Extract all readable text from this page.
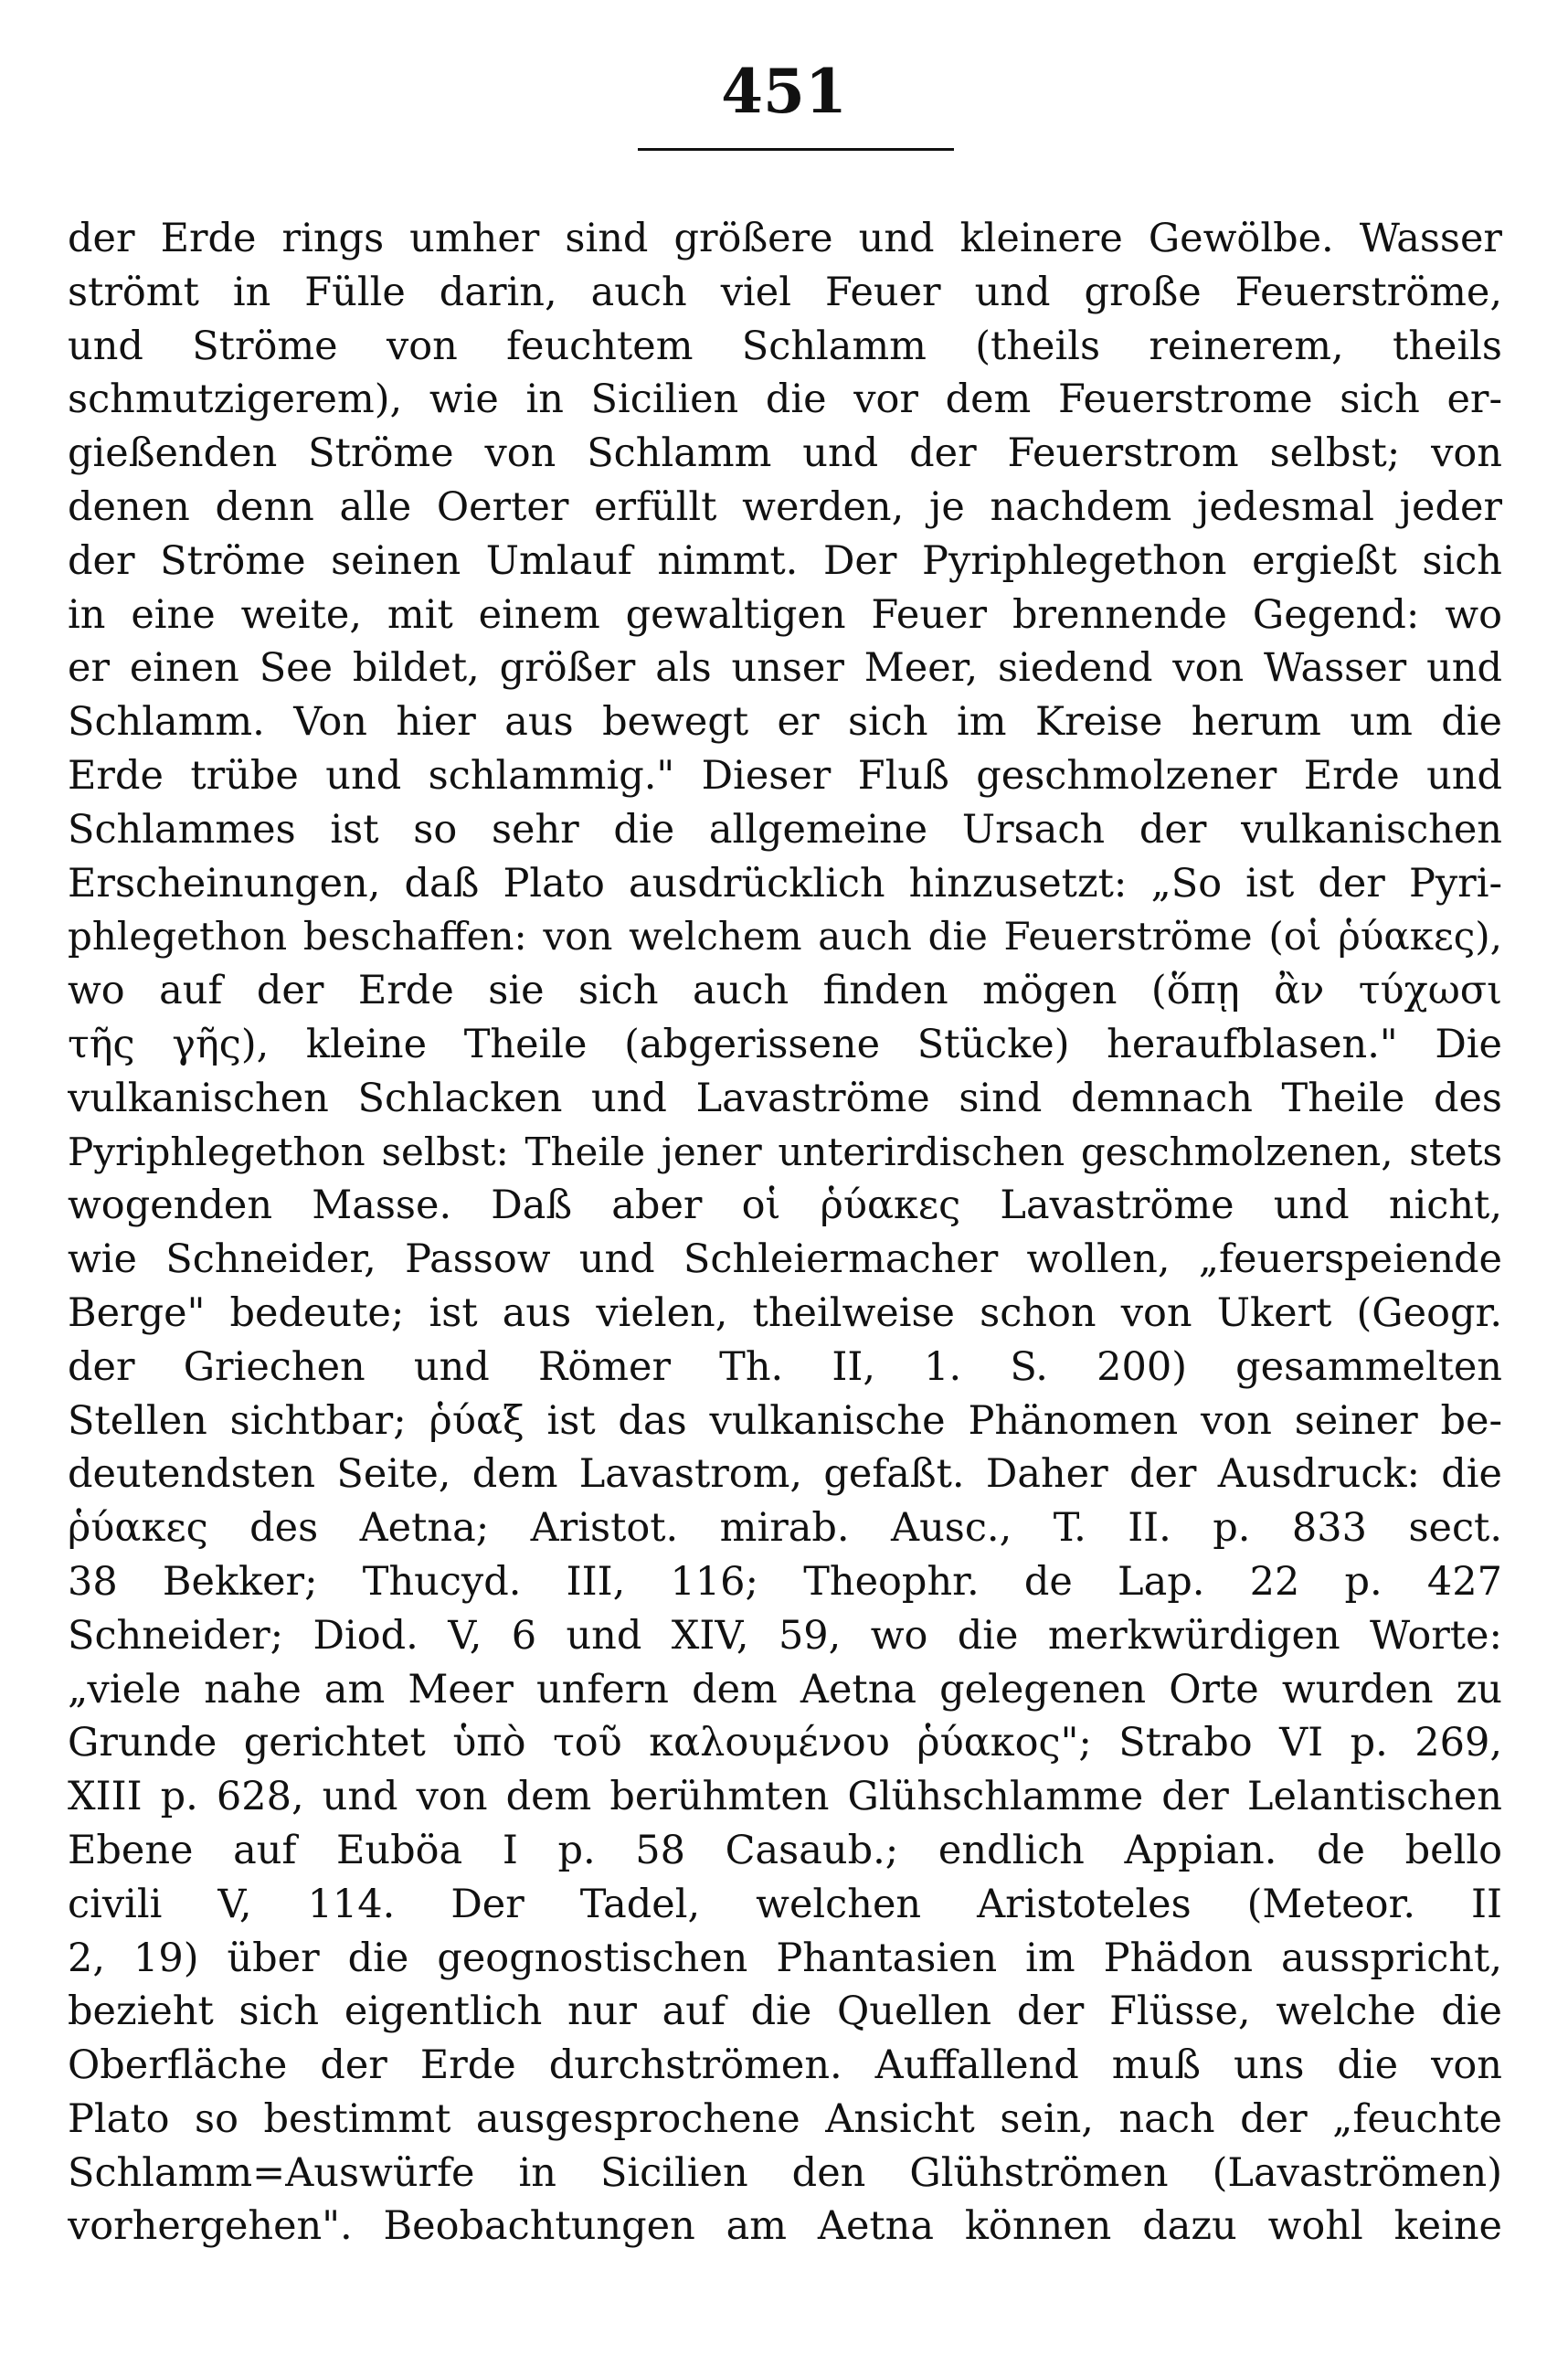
451
der Erde rings umher sind größere und kleinere Gewölbe. Wasser
strömt in Fülle darin, auch viel Feuer und große Feuerströme,
und Ströme von feuchtem Schlamm (theils reinerem, theils
schmutzigerem), wie in Sicilien die vor dem Feuerstrome sich er-
gießenden Ströme von Schlamm und der Feuerstrom selbst; von
denen denn alle Oerter erfüllt werden, je nachdem jedesmal jeder
der Ströme seinen Umlauf nimmt. Der Pyriphlegethon ergießt sich
in eine weite, mit einem gewaltigen Feuer brennende Gegend: wo
er einen See bildet, größer als unser Meer, siedend von Wasser und
Schlamm. Von hier aus bewegt er sich im Kreise herum um die
Erde trübe und schlammig." Dieser Fluß geschmolzener Erde und
Schlammes ist so sehr die allgemeine Ursach der vulkanischen
Erscheinungen, daß Plato ausdrücklich hinzusetzt: „So ist der Pyri-
phlegethon beschaffen: von welchem auch die Feuerströme (οἱ ῥύακες),
wo auf der Erde sie sich auch finden mögen (ὅπῃ ἂν τύχωσι
τῆς γῆς), kleine Theile (abgerissene Stücke) heraufblasen." Die
vulkanischen Schlacken und Lavaströme sind demnach Theile des
Pyriphlegethon selbst: Theile jener unterirdischen geschmolzenen, stets
wogenden Masse. Daß aber οἱ ῥύακες Lavaströme und nicht,
wie Schneider, Passow und Schleiermacher wollen, „feuerspeiende
Berge" bedeute; ist aus vielen, theilweise schon von Ukert (Geogr.
der Griechen und Römer Th. II, 1. S. 200) gesammelten
Stellen sichtbar; ῥύαξ ist das vulkanische Phänomen von seiner be-
deutendsten Seite, dem Lavastrom, gefaßt. Daher der Ausdruck: die
ῥύακες des Aetna; Aristot. mirab. Ausc., T. II. p. 833 sect.
38 Bekker; Thucyd. III, 116; Theophr. de Lap. 22 p. 427
Schneider; Diod. V, 6 und XIV, 59, wo die merkwürdigen Worte:
„viele nahe am Meer unfern dem Aetna gelegenen Orte wurden zu
Grunde gerichtet ὑπὸ τοῦ καλουμένου ῥύακος"; Strabo VI p. 269,
XIII p. 628, und von dem berühmten Glühschlamme der Lelantischen
Ebene auf Euböa I p. 58 Casaub.; endlich Appian. de bello
civili V, 114. Der Tadel, welchen Aristoteles (Meteor. II
2, 19) über die geognostischen Phantasien im Phädon ausspricht,
bezieht sich eigentlich nur auf die Quellen der Flüsse, welche die
Oberfläche der Erde durchströmen. Auffallend muß uns die von
Plato so bestimmt ausgesprochene Ansicht sein, nach der „feuchte
Schlamm=Auswürfe in Sicilien den Glühströmen (Lavaströmen)
vorhergehen". Beobachtungen am Aetna können dazu wohl keine
